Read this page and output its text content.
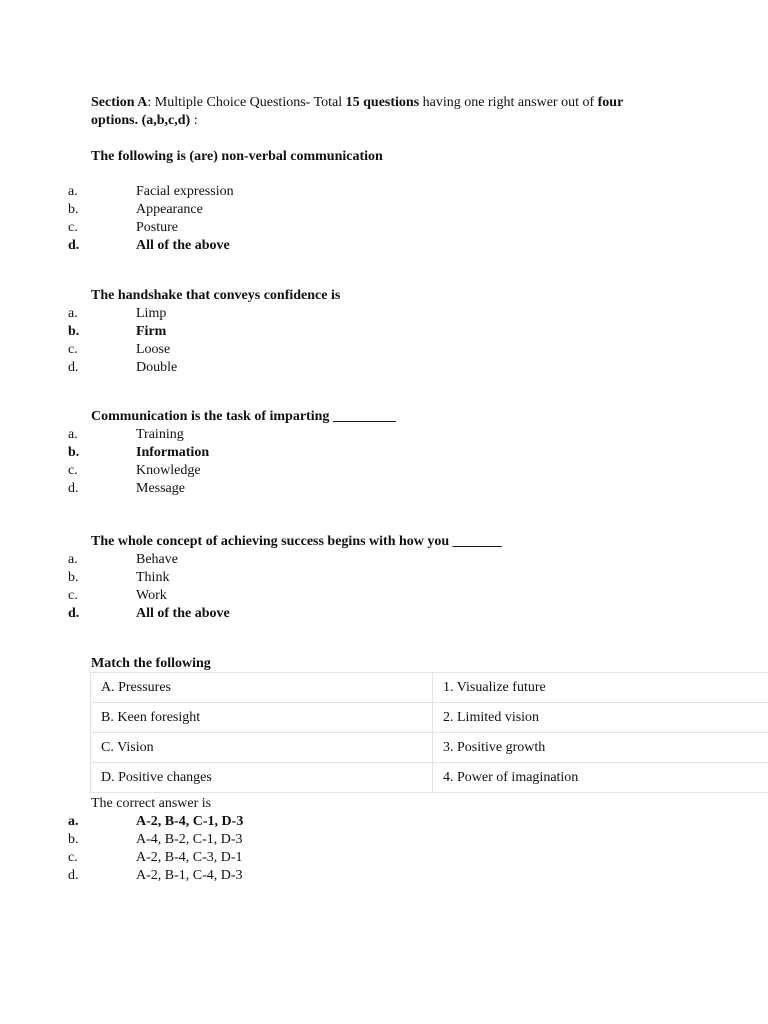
Section A: Multiple Choice Questions- Total 15 questions having one right answer out of four
options. (a,b,c,d) :
The following is (are) non-verbal communication
a.	Facial expression
b.	Appearance
c.	Posture
d.	All of the above
The handshake that conveys confidence is
a.	Limp
b.	Firm
c.	Loose
d.	Double
Communication is the task of imparting _________
a.	Training
b.	Information
c.	Knowledge
d.	Message
The whole concept of achieving success begins with how you _______
a.	Behave
b.	Think
c.	Work
d.	All of the above
Match the following
A. Pressures	1. Visualize future
B. Keen foresight	2. Limited vision
C. Vision	3. Positive growth
D. Positive changes	4. Power of imagination
The correct answer is
a.	A-2, B-4, C-1, D-3
b.	A-4, B-2, C-1, D-3
c.	A-2, B-4, C-3, D-1
d.	A-2, B-1, C-4, D-3
